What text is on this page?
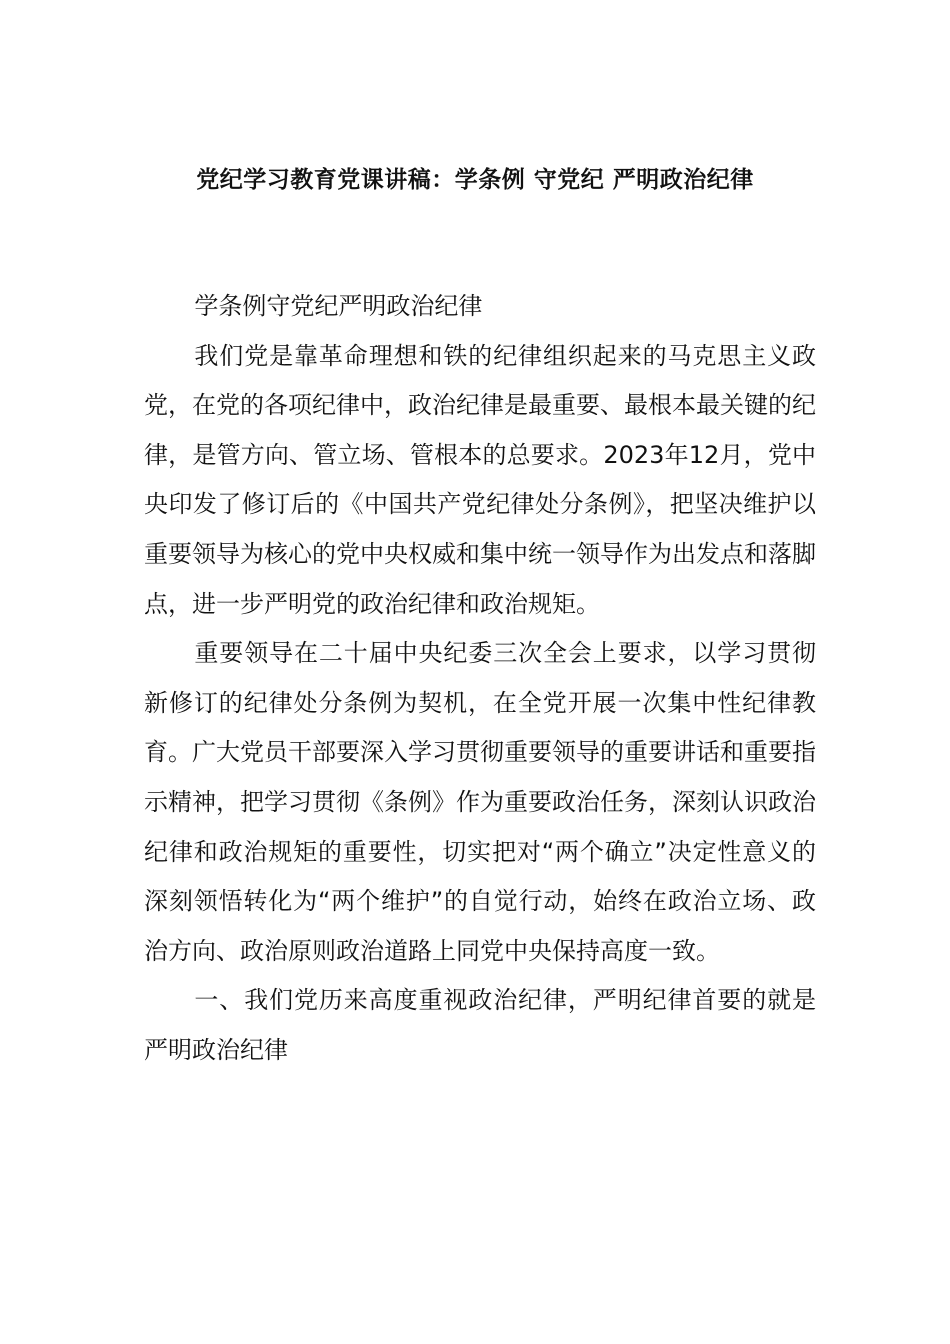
党纪学习教育党课讲稿：学条例 守党纪 严明政治纪律

学条例守党纪严明政治纪律

我们党是靠革命理想和铁的纪律组织起来的马克思主义政党，在党的各项纪律中，政治纪律是最重要、最根本最关键的纪律，是管方向、管立场、管根本的总要求。2023年12月，党中央印发了修订后的《中国共产党纪律处分条例》，把坚决维护以重要领导为核心的党中央权威和集中统一领导作为出发点和落脚点，进一步严明党的政治纪律和政治规矩。

重要领导在二十届中央纪委三次全会上要求，以学习贯彻新修订的纪律处分条例为契机，在全党开展一次集中性纪律教育。广大党员干部要深入学习贯彻重要领导的重要讲话和重要指示精神，把学习贯彻《条例》作为重要政治任务，深刻认识政治纪律和政治规矩的重要性，切实把对“两个确立”决定性意义的深刻领悟转化为“两个维护”的自觉行动，始终在政治立场、政治方向、政治原则政治道路上同党中央保持高度一致。

一、我们党历来高度重视政治纪律，严明纪律首要的就是严明政治纪律
